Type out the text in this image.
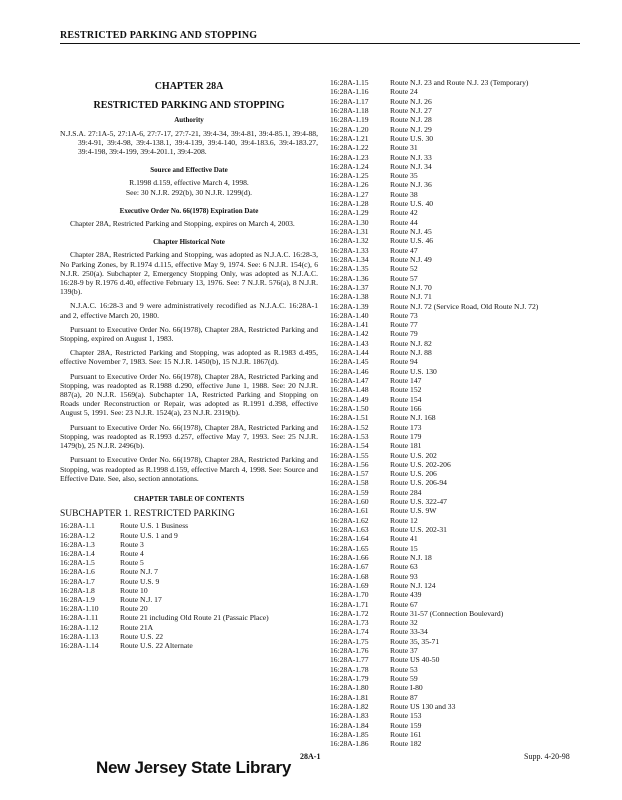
RESTRICTED PARKING AND STOPPING
CHAPTER 28A
RESTRICTED PARKING AND STOPPING
Authority
N.J.S.A. 27:1A-5, 27:1A-6, 27:7-17, 27:7-21, 39:4-34, 39:4-81, 39:4-85.1, 39:4-88, 39:4-91, 39:4-98, 39:4-138.1, 39:4-139, 39:4-140, 39:4-183.6, 39:4-183.27, 39:4-198, 39:4-199, 39:4-201.1, 39:4-208.
Source and Effective Date
R.1998 d.159, effective March 4, 1998.
See: 30 N.J.R. 292(b), 30 N.J.R. 1299(d).
Executive Order No. 66(1978) Expiration Date
Chapter 28A, Restricted Parking and Stopping, expires on March 4, 2003.
Chapter Historical Note
Chapter 28A, Restricted Parking and Stopping, was adopted as N.J.A.C. 16:28-3, No Parking Zones, by R.1974 d.115, effective May 9, 1974. See: 6 N.J.R. 154(c), 6 N.J.R. 250(a). Subchapter 2, Emergency Stopping Only, was adopted as N.J.A.C. 16:28-9 by R.1976 d.40, effective February 13, 1976. See: 7 N.J.R. 576(a), 8 N.J.R. 139(b).
N.J.A.C. 16:28-3 and 9 were administratively recodified as N.J.A.C. 16:28A-1 and 2, effective March 20, 1980.
Pursuant to Executive Order No. 66(1978), Chapter 28A, Restricted Parking and Stopping, expired on August 1, 1983.
Chapter 28A, Restricted Parking and Stopping, was adopted as R.1983 d.495, effective November 7, 1983. See: 15 N.J.R. 1450(b), 15 N.J.R. 1867(d).
Pursuant to Executive Order No. 66(1978), Chapter 28A, Restricted Parking and Stopping, was readopted as R.1988 d.290, effective June 1, 1988. See: 20 N.J.R. 887(a), 20 N.J.R. 1569(a). Subchapter 1A, Restricted Parking and Stopping on Roads under Reconstruction or Repair, was adopted as R.1991 d.398, effective August 5, 1991. See: 23 N.J.R. 1524(a), 23 N.J.R. 2319(b).
Pursuant to Executive Order No. 66(1978), Chapter 28A, Restricted Parking and Stopping, was readopted as R.1993 d.257, effective May 7, 1993. See: 25 N.J.R. 1479(b), 25 N.J.R. 2496(b).
Pursuant to Executive Order No. 66(1978), Chapter 28A, Restricted Parking and Stopping, was readopted as R.1998 d.159, effective March 4, 1998. See: Source and Effective Date. See, also, section annotations.
CHAPTER TABLE OF CONTENTS
SUBCHAPTER 1. RESTRICTED PARKING
16:28A-1.1	Route U.S. 1 Business
16:28A-1.2	Route U.S. 1 and 9
16:28A-1.3	Route 3
16:28A-1.4	Route 4
16:28A-1.5	Route 5
16:28A-1.6	Route N.J. 7
16:28A-1.7	Route U.S. 9
16:28A-1.8	Route 10
16:28A-1.9	Route N.J. 17
16:28A-1.10	Route 20
16:28A-1.11	Route 21 including Old Route 21 (Passaic Place)
16:28A-1.12	Route 21A
16:28A-1.13	Route U.S. 22
16:28A-1.14	Route U.S. 22 Alternate
16:28A-1.15	Route N.J. 23 and Route N.J. 23 (Temporary)
16:28A-1.16	Route 24
16:28A-1.17	Route N.J. 26
16:28A-1.18	Route N.J. 27
16:28A-1.19	Route N.J. 28
16:28A-1.20	Route N.J. 29
16:28A-1.21	Route U.S. 30
16:28A-1.22	Route 31
16:28A-1.23	Route N.J. 33
16:28A-1.24	Route N.J. 34
16:28A-1.25	Route 35
16:28A-1.26	Route N.J. 36
16:28A-1.27	Route 38
16:28A-1.28	Route U.S. 40
16:28A-1.29	Route 42
16:28A-1.30	Route 44
16:28A-1.31	Route N.J. 45
16:28A-1.32	Route U.S. 46
16:28A-1.33	Route 47
16:28A-1.34	Route N.J. 49
16:28A-1.35	Route 52
16:28A-1.36	Route 57
16:28A-1.37	Route N.J. 70
16:28A-1.38	Route N.J. 71
16:28A-1.39	Route N.J. 72 (Service Road, Old Route N.J. 72)
16:28A-1.40	Route 73
16:28A-1.41	Route 77
16:28A-1.42	Route 79
16:28A-1.43	Route N.J. 82
16:28A-1.44	Route N.J. 88
16:28A-1.45	Route 94
16:28A-1.46	Route U.S. 130
16:28A-1.47	Route 147
16:28A-1.48	Route 152
16:28A-1.49	Route 154
16:28A-1.50	Route 166
16:28A-1.51	Route N.J. 168
16:28A-1.52	Route 173
16:28A-1.53	Route 179
16:28A-1.54	Route 181
16:28A-1.55	Route U.S. 202
16:28A-1.56	Route U.S. 202-206
16:28A-1.57	Route U.S. 206
16:28A-1.58	Route U.S. 206-94
16:28A-1.59	Route 284
16:28A-1.60	Route U.S. 322-47
16:28A-1.61	Route U.S. 9W
16:28A-1.62	Route 12
16:28A-1.63	Route U.S. 202-31
16:28A-1.64	Route 41
16:28A-1.65	Route 15
16:28A-1.66	Route N.J. 18
16:28A-1.67	Route 63
16:28A-1.68	Route 93
16:28A-1.69	Route N.J. 124
16:28A-1.70	Route 439
16:28A-1.71	Route 67
16:28A-1.72	Route 31-57 (Connection Boulevard)
16:28A-1.73	Route 32
16:28A-1.74	Route 33-34
16:28A-1.75	Route 35, 35-71
16:28A-1.76	Route 37
16:28A-1.77	Route US 40-50
16:28A-1.78	Route 53
16:28A-1.79	Route 59
16:28A-1.80	Route I-80
16:28A-1.81	Route 87
16:28A-1.82	Route US 130 and 33
16:28A-1.83	Route 153
16:28A-1.84	Route 159
16:28A-1.85	Route 161
16:28A-1.86	Route 182
New Jersey State Library
28A-1	Supp. 4-20-98
